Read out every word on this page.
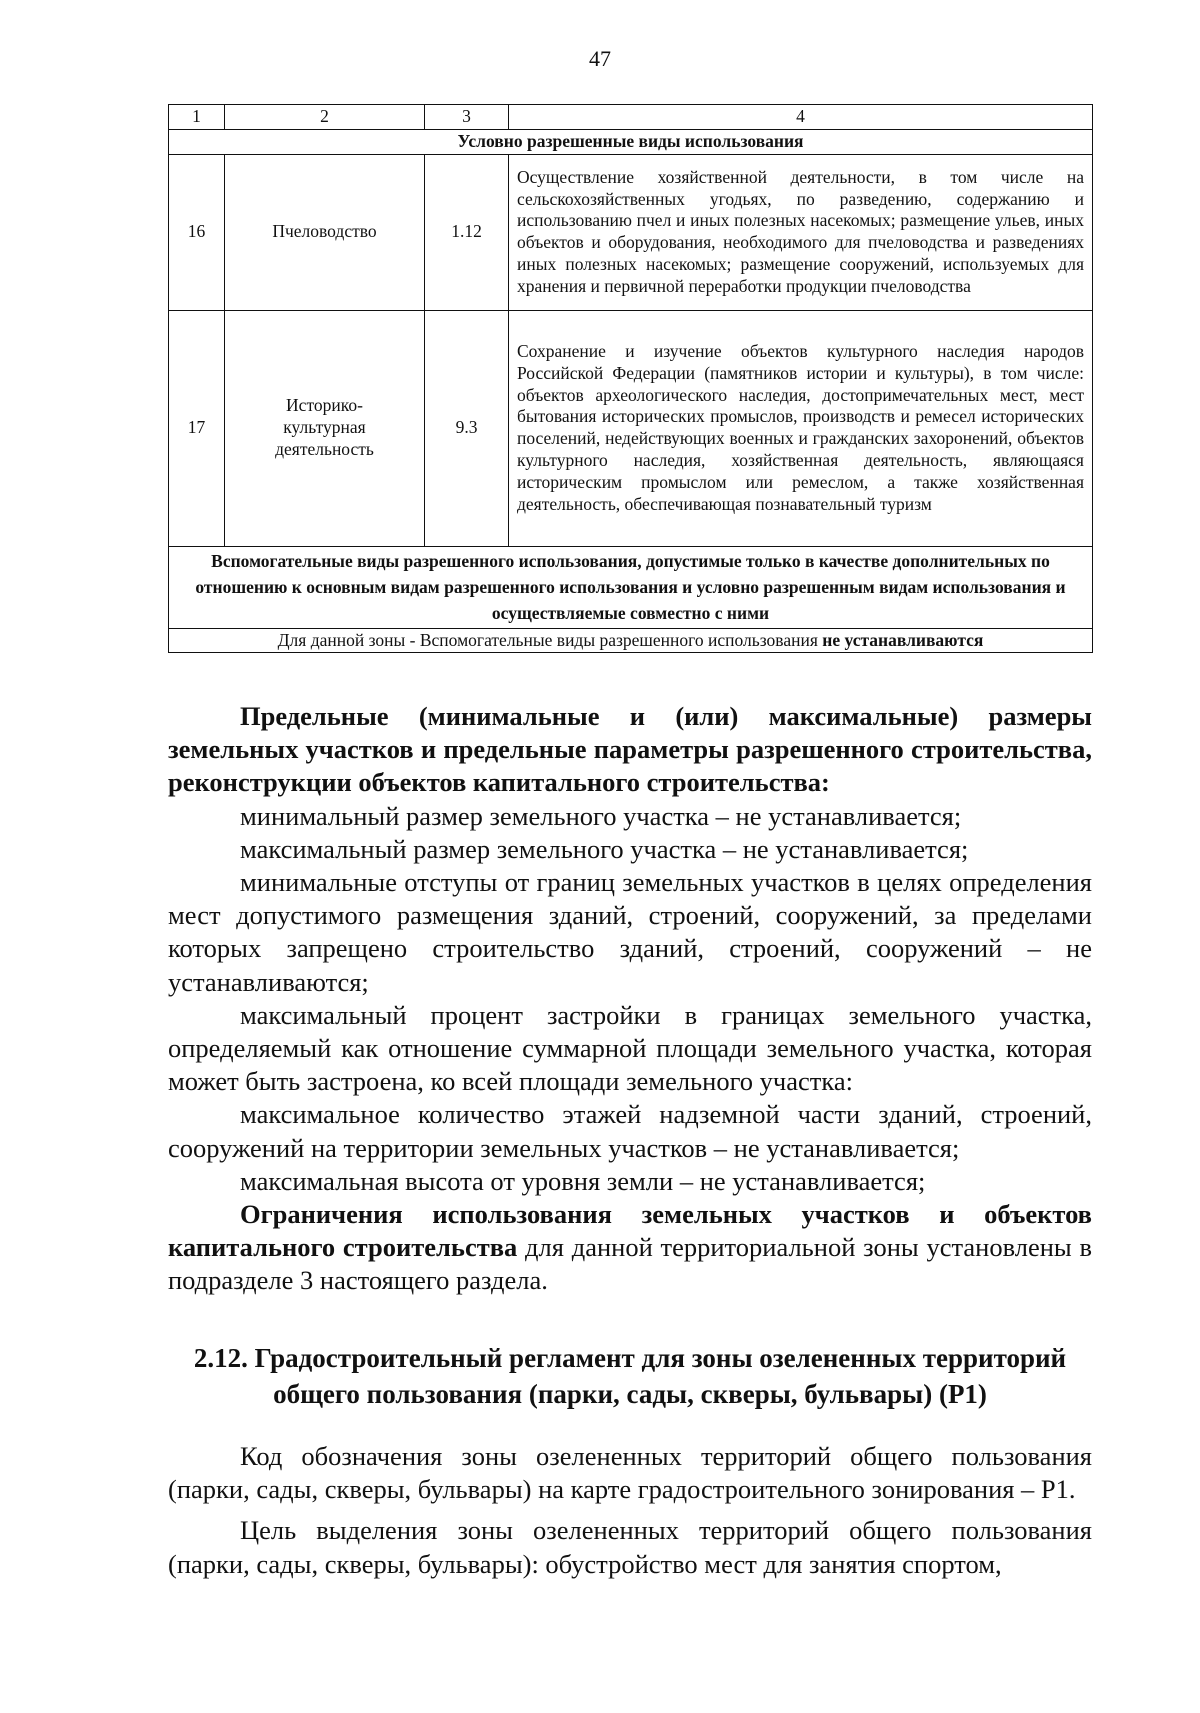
47
1	2	3	4
Условно разрешенные виды использования			
16	Пчеловодство	1.12	Осуществление хозяйственной деятельности, в том числе на сельскохозяйственных угодьях, по разведению, содержанию и использованию пчел и иных полезных насекомых; размещение ульев, иных объектов и оборудования, необходимого для пчеловодства и разведениях иных полезных насекомых; размещение сооружений, используемых для хранения и первичной переработки продукции пчеловодства
17	Историко-культурная деятельность	9.3	Сохранение и изучение объектов культурного наследия народов Российской Федерации (памятников истории и культуры), в том числе: объектов археологического наследия, достопримечательных мест, мест бытования исторических промыслов, производств и ремесел исторических поселений, недействующих военных и гражданских захоронений, объектов культурного наследия, хозяйственная деятельность, являющаяся историческим промыслом или ремеслом, а также хозяйственная деятельность, обеспечивающая познавательный туризм
Вспомогательные виды разрешенного использования, допустимые только в качестве дополнительных по отношению к основным видам разрешенного использования и условно разрешенным видам использования и осуществляемые совместно с ними			
Для данной зоны - Вспомогательные виды разрешенного использования не устанавливаются			

Предельные (минимальные и (или) максимальные) размеры земельных участков и предельные параметры разрешенного строительства, реконструкции объектов капитального строительства:

минимальный размер земельного участка – не устанавливается;

максимальный размер земельного участка – не устанавливается;

минимальные отступы от границ земельных участков в целях определения мест допустимого размещения зданий, строений, сооружений, за пределами которых запрещено строительство зданий, строений, сооружений – не устанавливаются;

максимальный процент застройки в границах земельного участка, определяемый как отношение суммарной площади земельного участка, которая может быть застроена, ко всей площади земельного участка:

максимальное количество этажей надземной части зданий, строений, сооружений на территории земельных участков – не устанавливается;

максимальная высота от уровня земли – не устанавливается;

Ограничения использования земельных участков и объектов капитального строительства для данной территориальной зоны установлены в подразделе 3 настоящего раздела.

2.12. Градостроительный регламент для зоны озелененных территорий общего пользования (парки, сады, скверы, бульвары) (Р1)

Код обозначения зоны озелененных территорий общего пользования (парки, сады, скверы, бульвары) на карте градостроительного зонирования – Р1.

Цель выделения зоны озелененных территорий общего пользования (парки, сады, скверы, бульвары): обустройство мест для занятия спортом,
